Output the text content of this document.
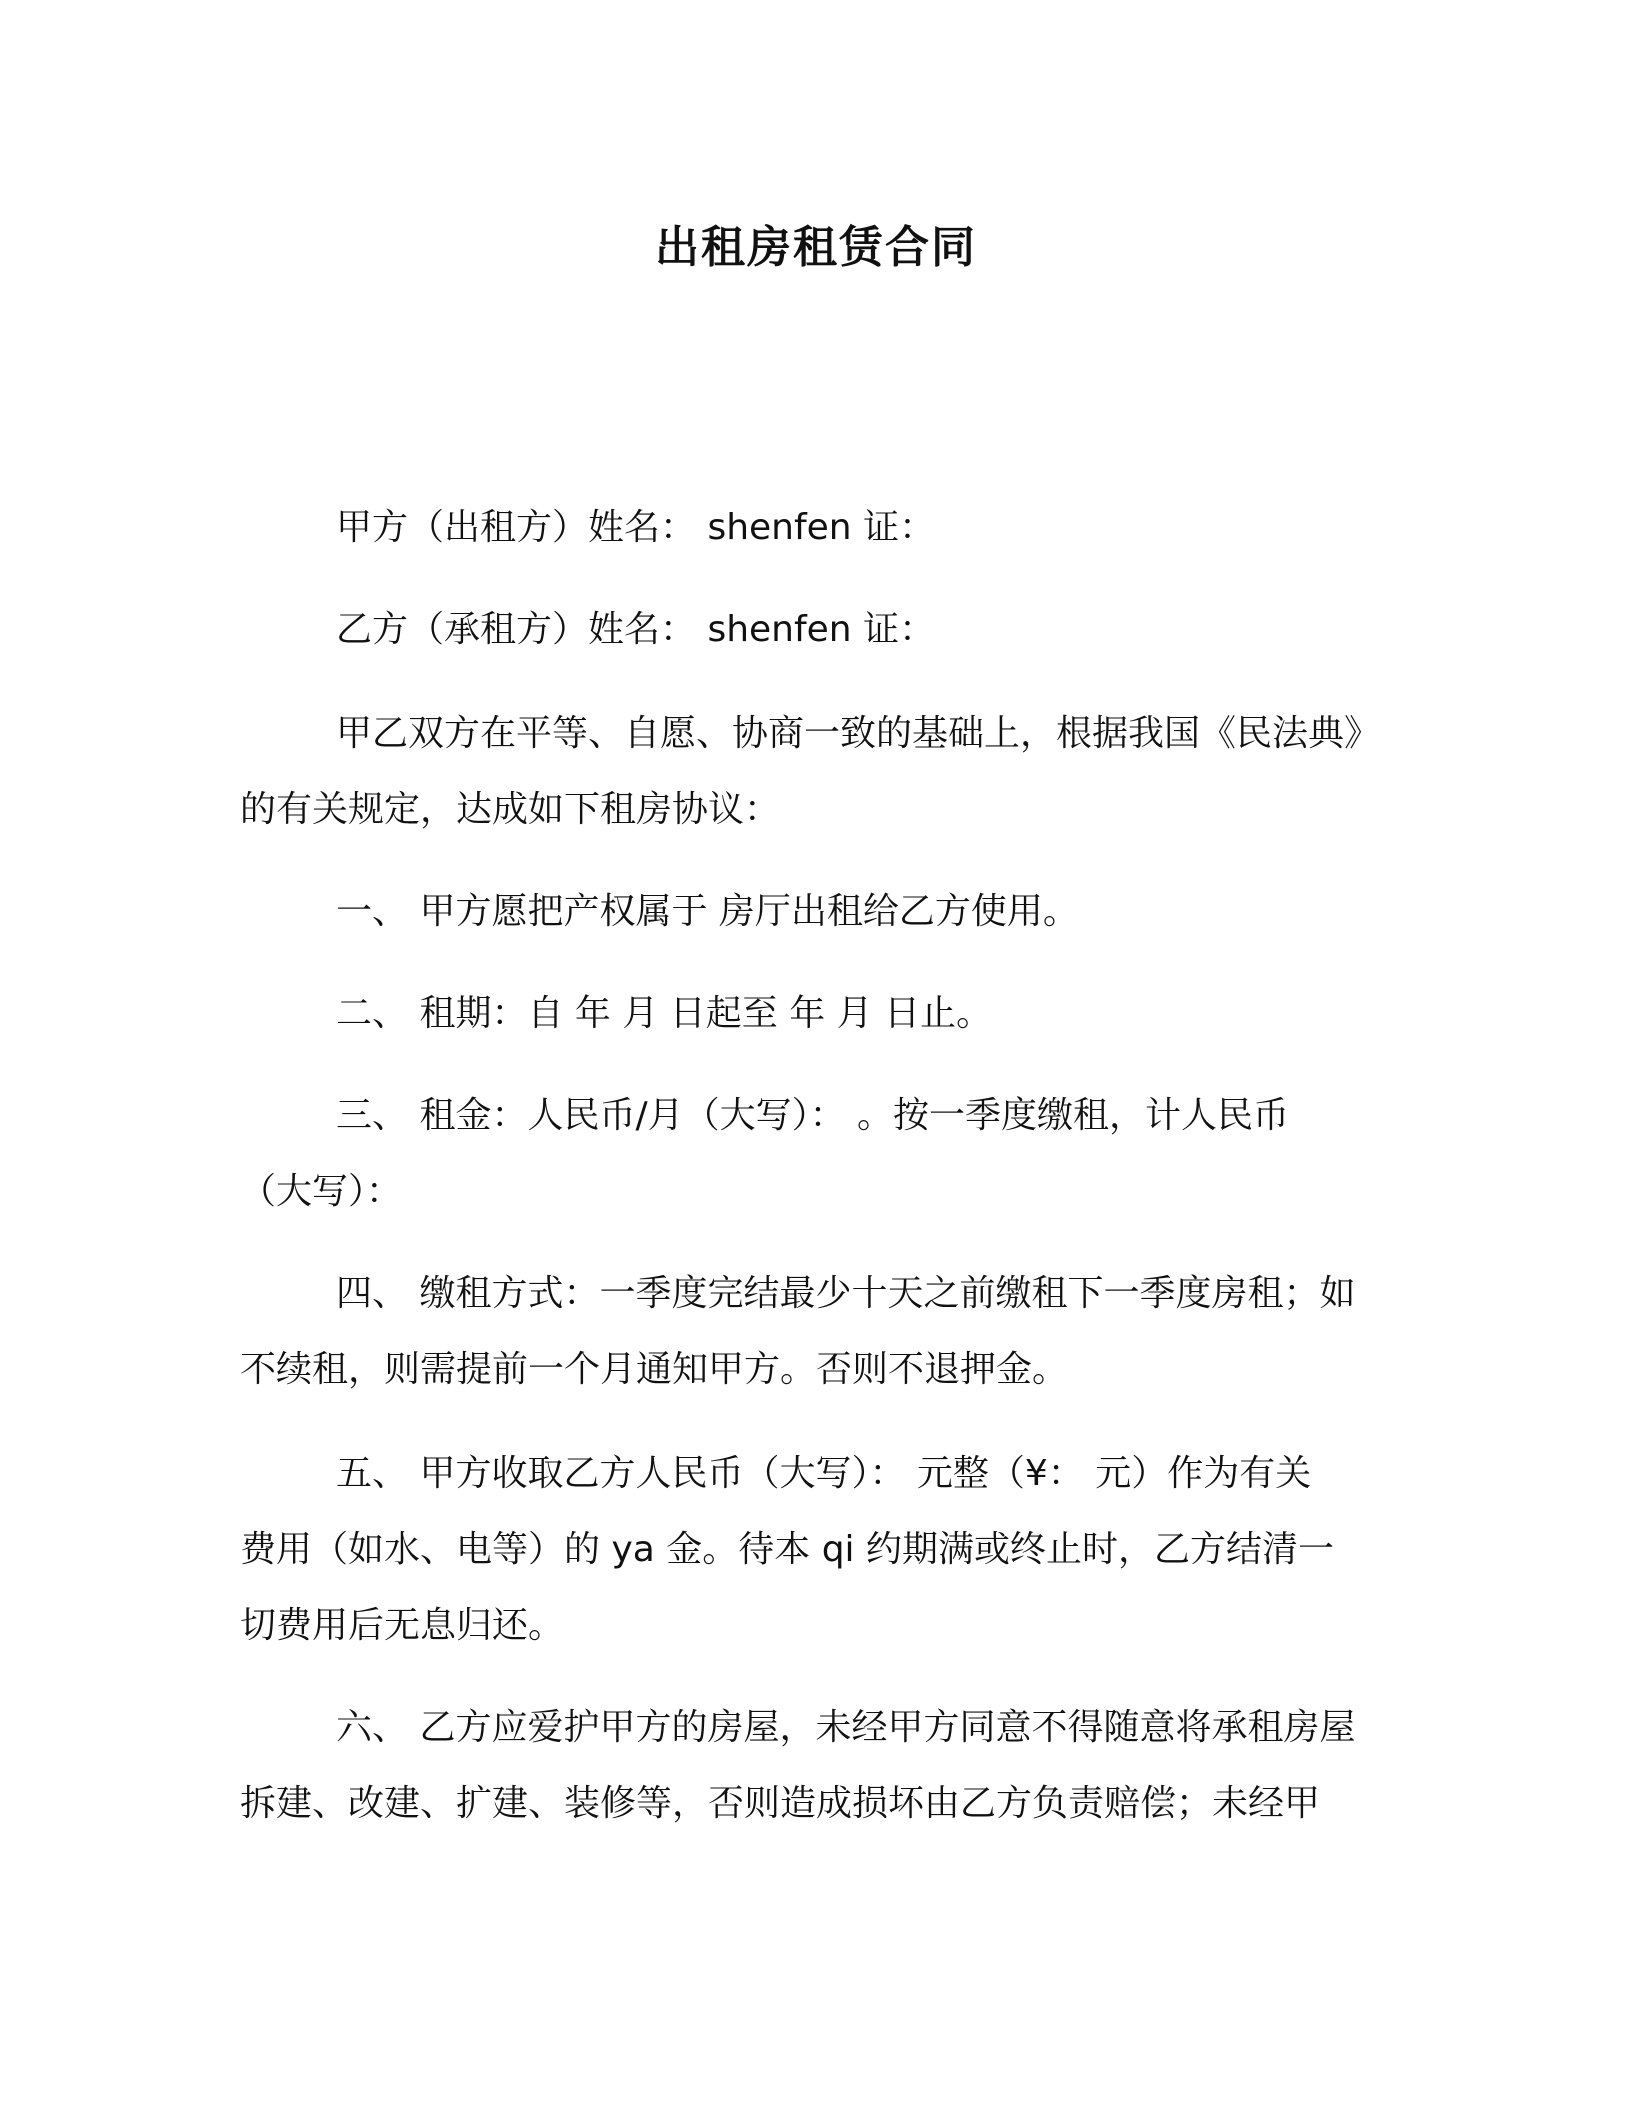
出租房租赁合同
甲方（出租方）姓名： shenfen 证：
乙方（承租方）姓名： shenfen 证：
甲乙双方在平等、自愿、协商一致的基础上，根据我国《民法典》
的有关规定，达成如下租房协议：
一、 甲方愿把产权属于 房厅出租给乙方使用。
二、 租期：自 年 月 日起至 年 月 日止。
三、 租金：人民币/月（大写）： 。按一季度缴租，计人民币
（大写）：
四、 缴租方式：一季度完结最少十天之前缴租下一季度房租；如
不续租，则需提前一个月通知甲方。否则不退押金。
五、 甲方收取乙方人民币（大写）： 元整（¥： 元）作为有关
费用（如水、电等）的 ya 金。待本 qi 约期满或终止时，乙方结清一
切费用后无息归还。
六、 乙方应爱护甲方的房屋，未经甲方同意不得随意将承租房屋
拆建、改建、扩建、装修等，否则造成损坏由乙方负责赔偿；未经甲
